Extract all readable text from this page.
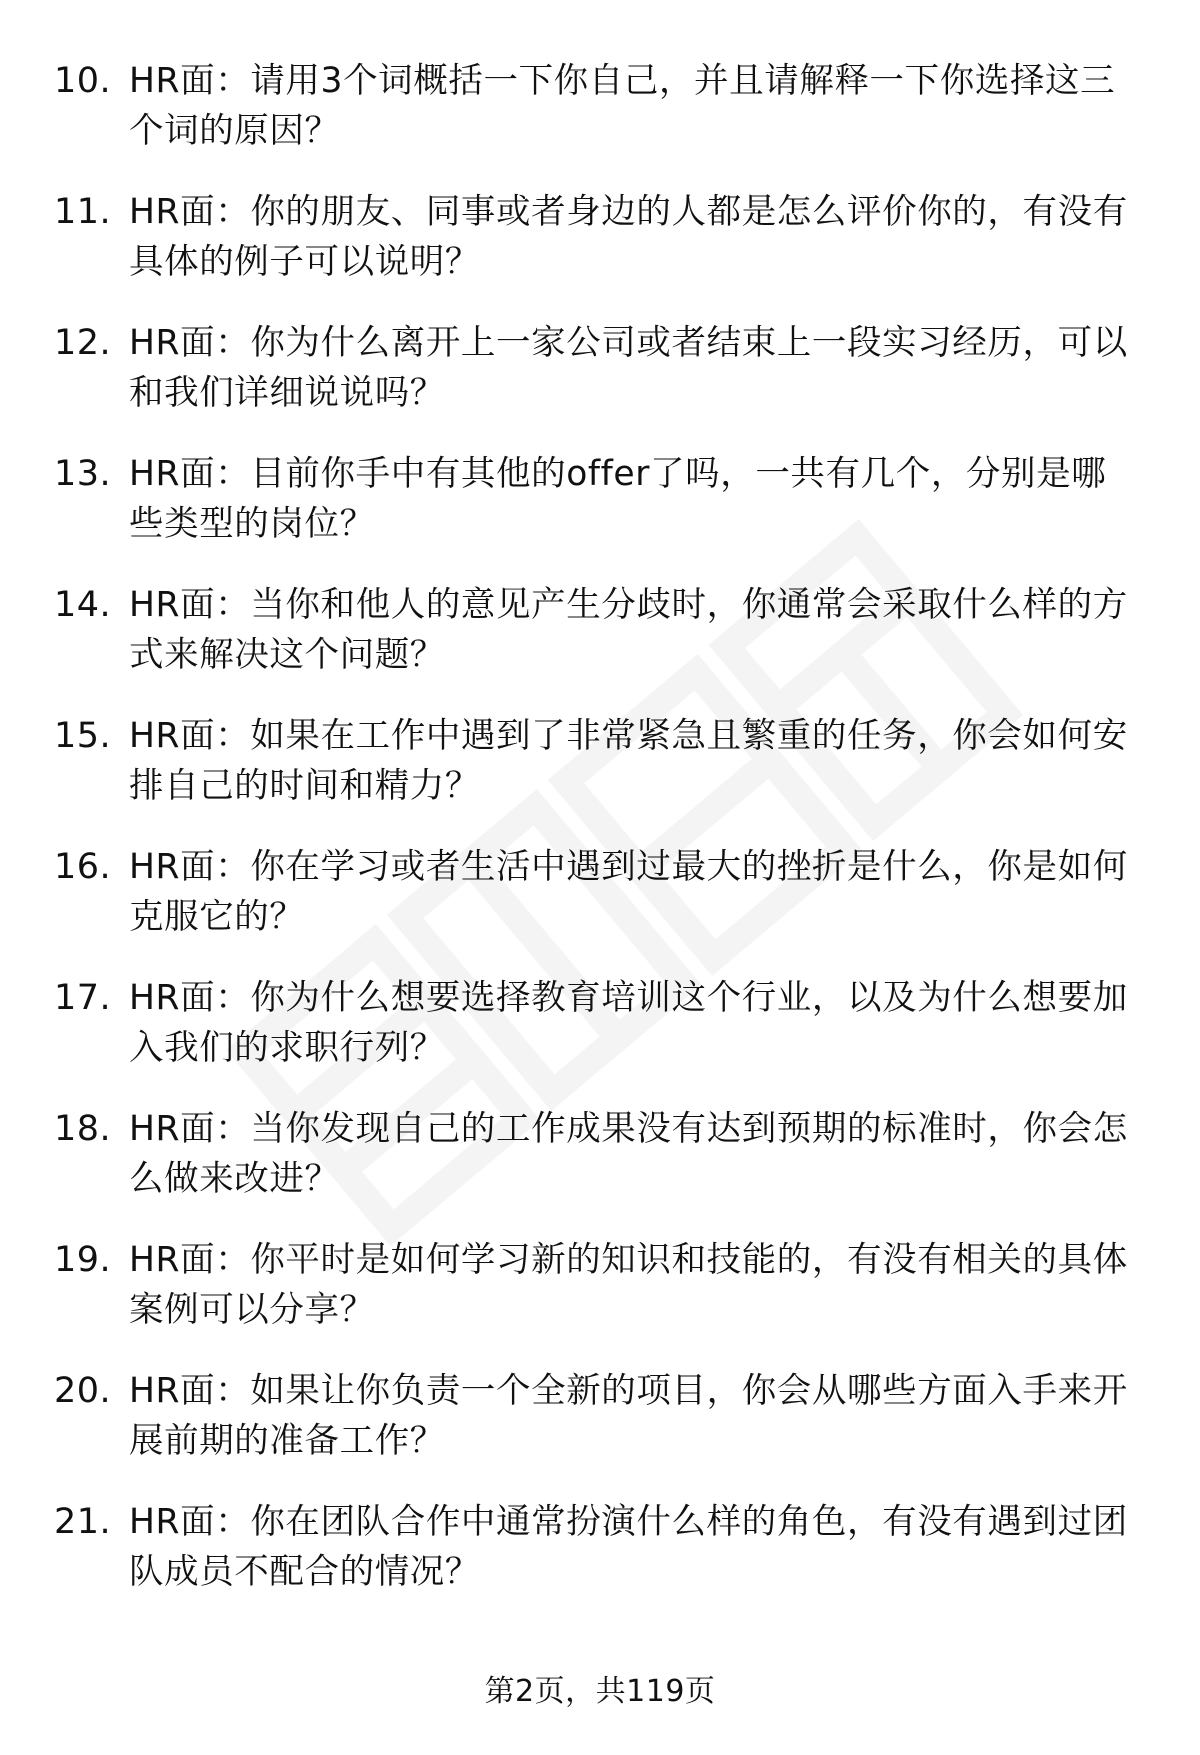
10. HR面：请用3个词概括一下你自己，并且请解释一下你选择这三个词的原因？
11. HR面：你的朋友、同事或者身边的人都是怎么评价你的，有没有具体的例子可以说明？
12. HR面：你为什么离开上一家公司或者结束上一段实习经历，可以和我们详细说说吗？
13. HR面：目前你手中有其他的offer了吗，一共有几个，分别是哪些类型的岗位？
14. HR面：当你和他人的意见产生分歧时，你通常会采取什么样的方式来解决这个问题？
15. HR面：如果在工作中遇到了非常紧急且繁重的任务，你会如何安排自己的时间和精力？
16. HR面：你在学习或者生活中遇到过最大的挫折是什么，你是如何克服它的？
17. HR面：你为什么想要选择教育培训这个行业，以及为什么想要加入我们的求职行列？
18. HR面：当你发现自己的工作成果没有达到预期的标准时，你会怎么做来改进？
19. HR面：你平时是如何学习新的知识和技能的，有没有相关的具体案例可以分享？
20. HR面：如果让你负责一个全新的项目，你会从哪些方面入手来开展前期的准备工作？
21. HR面：你在团队合作中通常扮演什么样的角色，有没有遇到过团队成员不配合的情况？
第2页，共119页
